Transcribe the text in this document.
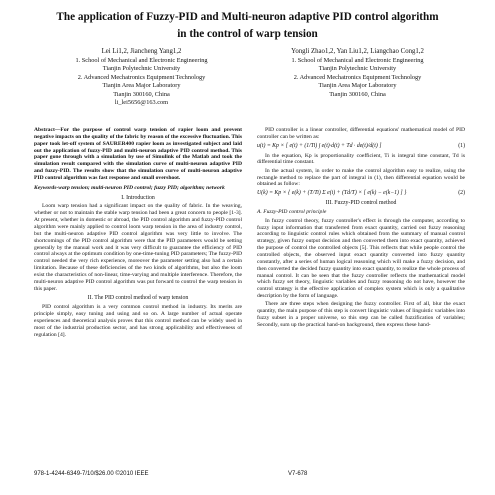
The application of Fuzzy-PID and Multi-neuron adaptive PID control algorithm
in the control of warp tension
Lei Li1,2, Jiancheng Yang1,2
1. School of Mechanical and Electronic Engineering
Tianjin Polytechnic University
2. Advanced Mechatronics Equipment Technology
Tianjin Area Major Laboratory
Tianjin 300160, China
li_lei5656@163.com
Yongli Zhao1,2, Yan Liu1,2, Liangchao Cong1,2
1. School of Mechanical and Electronic Engineering
Tianjin Polytechnic University
2. Advanced Mechatronics Equipment Technology
Tianjin Area Major Laboratory
Tianjin 300160, China

Abstract—For the purpose of control warp tension of rapier loom and prevent negative impacts on the quality of the fabric by reason of the excessive fluctuation. This paper took let-off system of SAURER400 rapier loom as investigated subject and laid out the application of fuzzy-PID and multi-neuron adaptive PID control method. This paper gone through with a simulation by use of Simulink of the Matlab and took the simulation result compared with the simulation curve of multi-neuron adaptive PID and fuzzy-PID. The results show that the simulation curve of multi-neuron adaptive PID control algorithm was fast response and small overshoot.

Keywords-warp tension; multi-neuron PID control; fuzzy PID; algorithm; network

I. Introduction

Loom warp tension had a significant impact on the quality of fabric. In the weaving, whether or not to maintain the stable warp tension had been a great concern to people [1-3]. At present, whether in domestic or abroad, the PID control algorithm and fuzzy-PID control algorithm were mainly applied to control loom warp tension in the area of industry control, but the multi-neuron adaptive PID control algorithm was very little to involve. The shortcomings of the PID control algorithm were that the PID parameters would be setting generally by the manual work and it was very difficult to guarantee the efficiency of PID control always at the optimum condition by one-time-tuning PID parameters; The fuzzy-PID control needed the very rich experience, moreover the parameter setting also had a certain limitation. Because of these deficiencies of the two kinds of algorithms, but also the loom exist the characteristics of non-linear, time-varying and multiple interference. Therefore, the multi-neuron adaptive PID control algorithm was put forward to control the warp tension in this paper.

II. The PID control method of warp tension

PID control algorithm is a very common control method in industry. Its merits are principle simply, easy tuning and using and so on. A large number of actual operate experiences and theoretical analysis proves that this control method can be widely used in most of the industrial production sector, and has strong applicability and effectiveness of regulation [4].

PID controller is a linear controller, differential equations' mathematical model of PID controller can be written as:

u(t) = Kp × [ e(t) + (1/Ti) ∫ e(t)·d(t) + Td · de(t)/d(t) ]	(1)

In the equation, Kp is proportionality coefficient, Ti is integral time constant, Td is differential time constant.

In the actual system, in order to make the control algorithm easy to realize, using the rectangle method to replace the part of integral in (1), then differential equation would be obtained as follow:

U(k) = Kp × { e(k) + (T/Ti) Σ e(i) + (Td/T) × [ e(k) − e(k−1) ] }	(2)
III. Fuzzy-PID control method
A. Fuzzy-PID control principle

In fuzzy control theory, fuzzy controller's effect is through the computer, according to fuzzy input information that transferred from exact quantity, carried out fuzzy reasoning according to linguistic control rules which obtained from the summary of manual control strategy, given fuzzy output decision and then converted them into exact quantity, achieved the purpose of control the controlled objects [5]. This reflects that while people control the controlled objects, the observed input exact quantity converted into fuzzy quantity constantly, after a series of human logical reasoning which will make a fuzzy decision, and then converted the decided fuzzy quantity into exact quantity, to realize the whole process of manual control. It can be seen that the fuzzy controller reflects the mathematical model which fuzzy set theory, linguistic variables and fuzzy reasoning do not have, however the control strategy is the effective application of complex system which is only a qualitative description by the form of language.

There are three steps when designing the fuzzy controller. First of all, blur the exact quantity, the main purpose of this step is convert linguistic values of linguistic variables into fuzzy subset in a proper universe, so this step can be called fuzzification of variables; Secondly, sum up the practical hand-on background, then express these hand-

978-1-4244-6349-7/10/$26.00 ©2010 IEEE	V7-678
